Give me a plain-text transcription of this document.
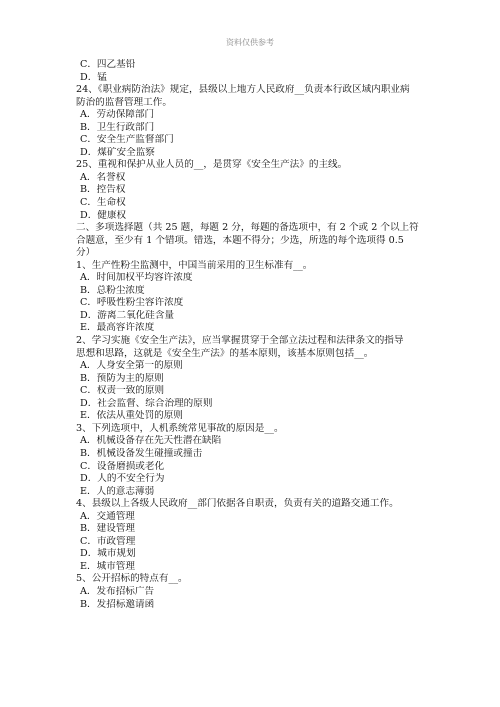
资料仅供参考
C．四乙基铅
D．锰
24、《职业病防治法》规定，县级以上地方人民政府__负责本行政区域内职业病
防治的监督管理工作。
A．劳动保障部门
B．卫生行政部门
C．安全生产监督部门
D．煤矿安全监察
25、重视和保护从业人员的__，是贯穿《安全生产法》的主线。
A．名誉权
B．控告权
C．生命权
D．健康权
二、多项选择题（共 25 题，每题 2 分，每题的备选项中，有 2 个或 2 个以上符
合题意，至少有 1 个错项。错选，本题不得分；少选，所选的每个选项得 0.5
分）
1、生产性粉尘监测中，中国当前采用的卫生标准有__。
A．时间加权平均容许浓度
B．总粉尘浓度
C．呼吸性粉尘容许浓度
D．游离二氧化硅含量
E．最高容许浓度
2、学习实施《安全生产法》，应当掌握贯穿于全部立法过程和法律条文的指导
思想和思路，这就是《安全生产法》的基本原则，该基本原则包括__。
A．人身安全第一的原则
B．预防为主的原则
C．权责一致的原则
D．社会监督、综合治理的原则
E．依法从重处罚的原则
3、下列选项中，人机系统常见事故的原因是__。
A．机械设备存在先天性潜在缺陷
B．机械设备发生碰撞或撞击
C．设备磨损或老化
D．人的不安全行为
E．人的意志薄弱
4、县级以上各级人民政府__部门依据各自职责，负责有关的道路交通工作。
A．交通管理
B．建设管理
C．市政管理
D．城市规划
E．城市管理
5、公开招标的特点有__。
A．发布招标广告
B．发招标邀请函
